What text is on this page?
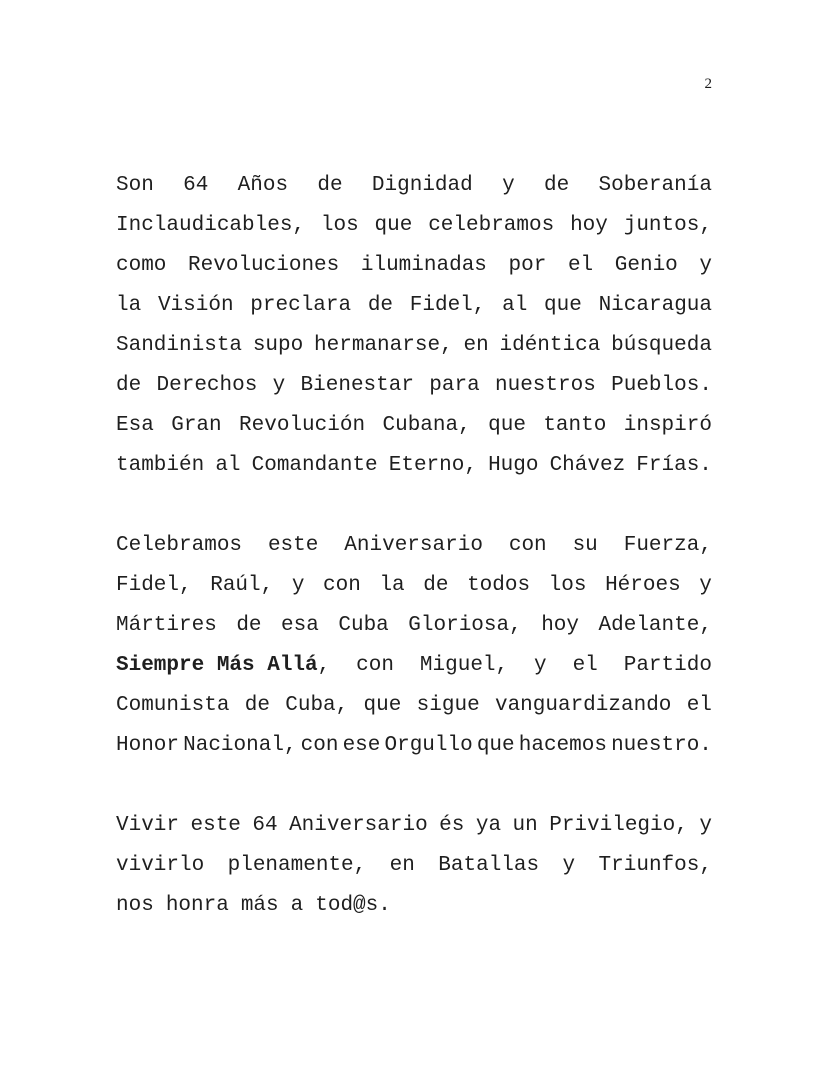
2
Son 64 Años de Dignidad y de Soberanía
Inclaudicables, los que celebramos hoy juntos,
como Revoluciones iluminadas por el Genio y
la Visión preclara de Fidel, al que Nicaragua
Sandinista supo hermanarse, en idéntica búsqueda
de Derechos y Bienestar para nuestros Pueblos.
Esa Gran Revolución Cubana, que tanto inspiró
también al Comandante Eterno, Hugo Chávez Frías.
Celebramos este Aniversario con su Fuerza,
Fidel, Raúl, y con la de todos los Héroes y
Mártires de esa Cuba Gloriosa, hoy Adelante,
Siempre Más Allá, con Miguel, y el Partido
Comunista de Cuba, que sigue vanguardizando el
Honor Nacional, con ese Orgullo que hacemos nuestro.
Vivir este 64 Aniversario és ya un Privilegio, y
vivirlo plenamente, en Batallas y Triunfos,
nos honra más a tod@s.
